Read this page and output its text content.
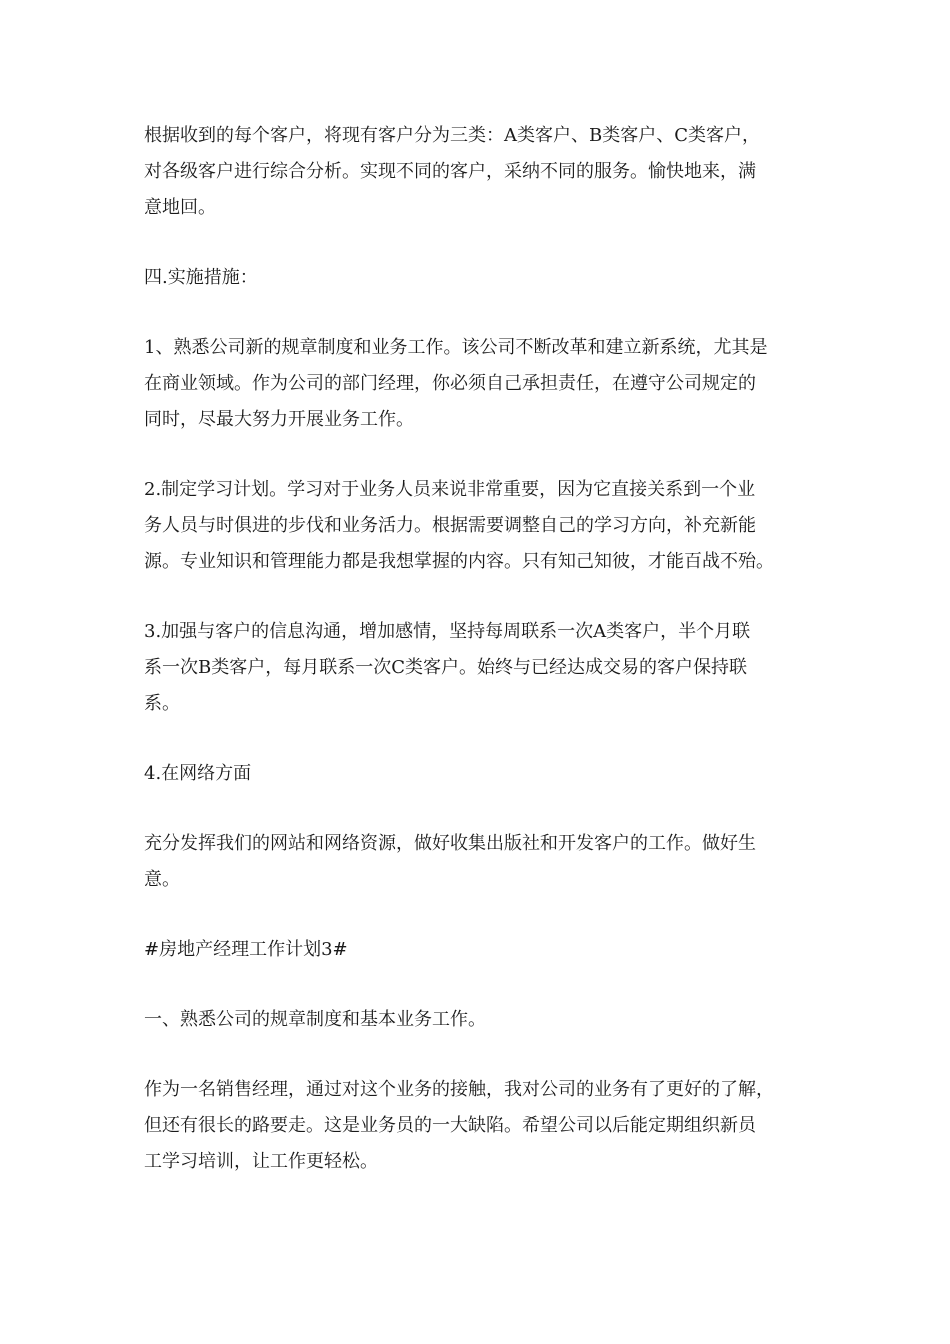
根据收到的每个客户，将现有客户分为三类：A类客户、B类客户、C类客户，
对各级客户进行综合分析。实现不同的客户，采纳不同的服务。愉快地来，满
意地回。

四.实施措施：

1、熟悉公司新的规章制度和业务工作。该公司不断改革和建立新系统，尤其是
在商业领域。作为公司的部门经理，你必须自己承担责任，在遵守公司规定的
同时，尽最大努力开展业务工作。

2.制定学习计划。学习对于业务人员来说非常重要，因为它直接关系到一个业
务人员与时俱进的步伐和业务活力。根据需要调整自己的学习方向，补充新能
源。专业知识和管理能力都是我想掌握的内容。只有知己知彼，才能百战不殆。

3.加强与客户的信息沟通，增加感情，坚持每周联系一次A类客户，半个月联
系一次B类客户，每月联系一次C类客户。始终与已经达成交易的客户保持联
系。

4.在网络方面

充分发挥我们的网站和网络资源，做好收集出版社和开发客户的工作。做好生
意。

#房地产经理工作计划3#

一、熟悉公司的规章制度和基本业务工作。

作为一名销售经理，通过对这个业务的接触，我对公司的业务有了更好的了解，
但还有很长的路要走。这是业务员的一大缺陷。希望公司以后能定期组织新员
工学习培训，让工作更轻松。
